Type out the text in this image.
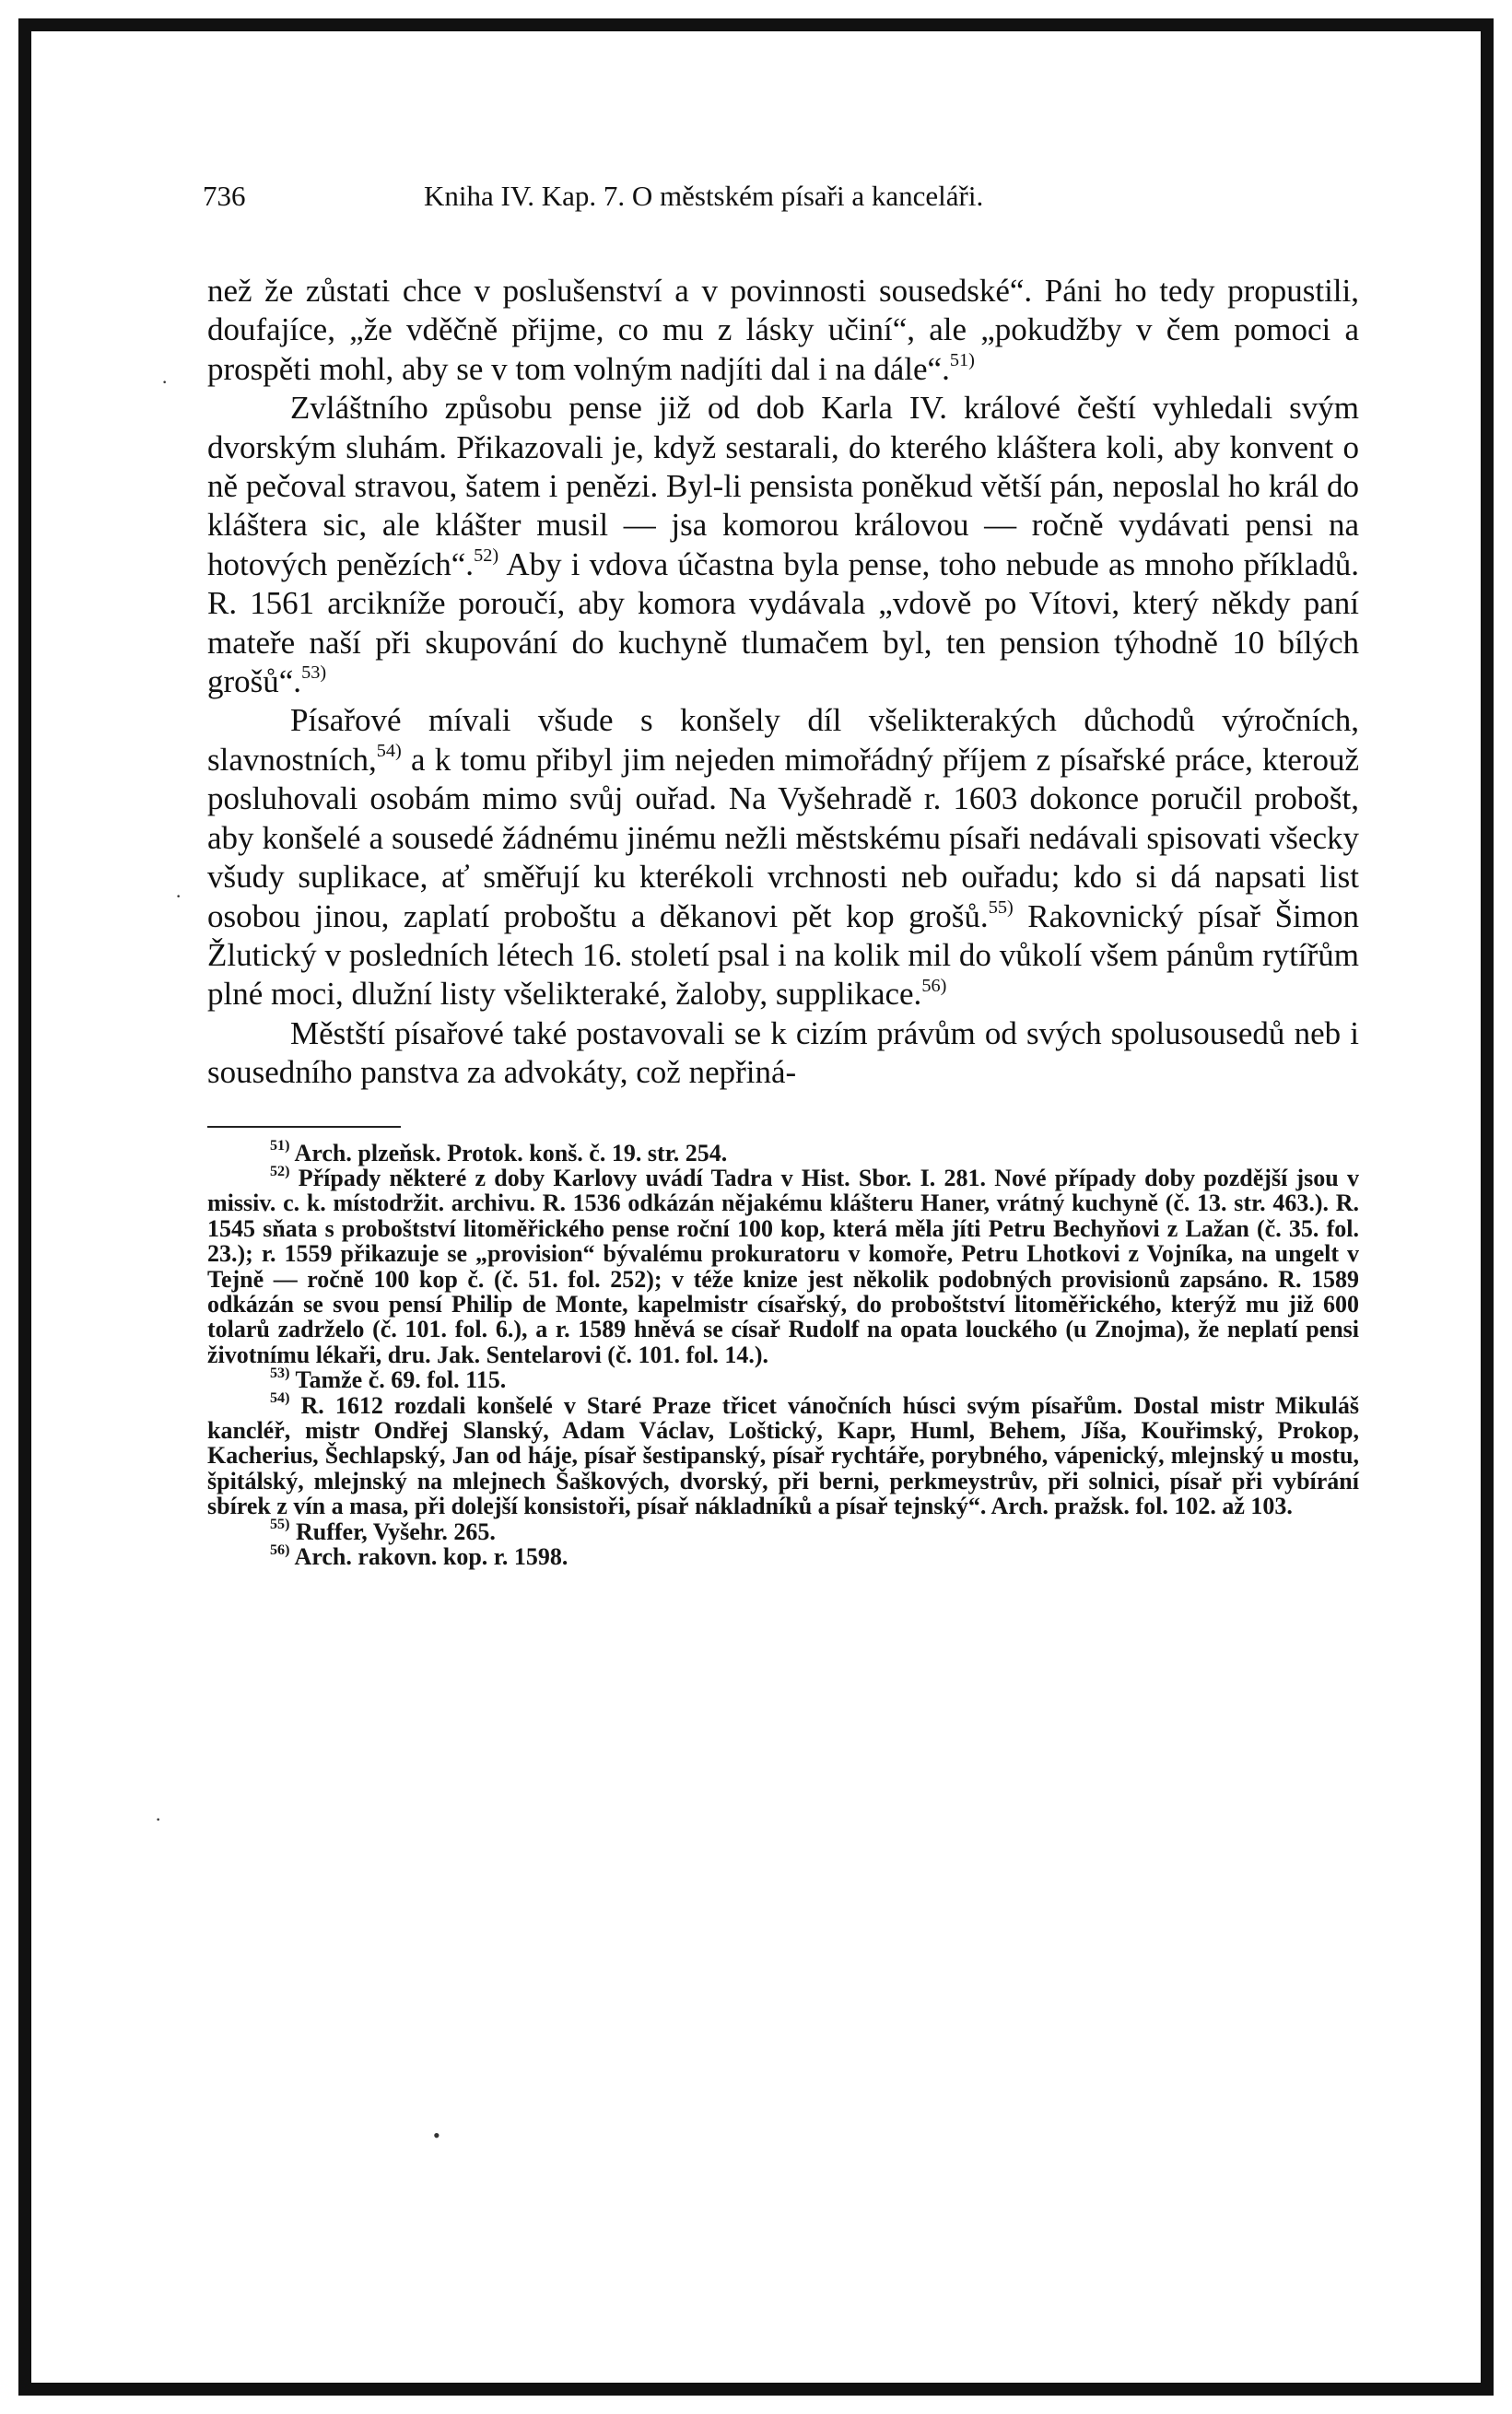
736	Kniha IV. Kap. 7. O městském písaři a kanceláři.

než že zůstati chce v poslušenství a v povinnosti sousedské“. Páni ho tedy propustili, doufajíce, „že vděčně přijme, co mu z lásky učiní“, ale „pokudžby v čem pomoci a prospěti mohl, aby se v tom volným nadjíti dal i na dále“.$^{51)}$

Zvláštního způsobu pense již od dob Karla IV. králové čeští vyhledali svým dvorským sluhám. Přikazovali je, když sestarali, do kterého kláštera koli, aby konvent o ně pečoval stravou, šatem i penězi. Byl-li pensista poněkud větší pán, neposlal ho král do kláštera sic, ale klášter musil — jsa komorou královou — ročně vydávati pensi na hotových penězích“.$^{52)}$ Aby i vdova účastna byla pense, toho nebude as mnoho příkladů. R. 1561 arcikníže poroučí, aby komora vydávala „vdově po Vítovi, který někdy paní mateře naší při skupování do kuchyně tlumačem byl, ten pension týhodně 10 bílých grošů“.$^{53)}$

Písařové mívali všude s konšely díl všelikterakých důchodů výročních, slavnostních,$^{54)}$ a k tomu přibyl jim nejeden mimořádný příjem z písařské práce, kterouž posluhovali osobám mimo svůj ouřad. Na Vyšehradě r. 1603 dokonce poručil probošt, aby konšelé a sousedé žádnému jinému nežli městskému písaři nedávali spisovati všecky všudy suplikace, ať směřují ku kterékoli vrchnosti neb ouřadu; kdo si dá napsati list osobou jinou, zaplatí proboštu a děkanovi pět kop grošů.$^{55)}$ Rakovnický písař Šimon Žlutický v posledních létech 16. století psal i na kolik mil do vůkolí všem pánům rytířům plné moci, dlužní listy všelikteraké, žaloby, supplikace.$^{56)}$

Městští písařové také postavovali se k cizím právům od svých spolusousedů neb i sousedního panstva za advokáty, což nepřiná-

$^{51)}$ Arch. plzeňsk. Protok. konš. č. 19. str. 254.

$^{52)}$ Případy některé z doby Karlovy uvádí Tadra v Hist. Sbor. I. 281. Nové případy doby pozdější jsou v missiv. c. k. místodržit. archivu. R. 1536 odkázán nějakému klášteru Haner, vrátný kuchyně (č. 13. str. 463.). R. 1545 sňata s proboštství litoměřického pense roční 100 kop, která měla jíti Petru Bechyňovi z Lažan (č. 35. fol. 23.); r. 1559 přikazuje se „provision“ bývalému prokuratoru v komoře, Petru Lhotkovi z Vojníka, na ungelt v Tejně — ročně 100 kop č. (č. 51. fol. 252); v téže knize jest několik podobných provisionů zapsáno. R. 1589 odkázán se svou pensí Philip de Monte, kapelmistr císařský, do proboštství litoměřického, kterýž mu již 600 tolarů zadrželo (č. 101. fol. 6.), a r. 1589 hněvá se císař Rudolf na opata louckého (u Znojma), že neplatí pensi životnímu lékaři, dru. Jak. Sentelarovi (č. 101. fol. 14.).

$^{53)}$ Tamže č. 69. fol. 115.

$^{54)}$ R. 1612 rozdali konšelé v Staré Praze třicet vánočních húsci svým písařům. Dostal mistr Mikuláš kancléř, mistr Ondřej Slanský, Adam Václav, Loštický, Kapr, Huml, Behem, Jíša, Kouřimský, Prokop, Kacherius, Šechlapský, Jan od háje, písař šestipanský, písař rychtáře, porybného, vápenický, mlejnský u mostu, špitálský, mlejnský na mlejnech Šaškových, dvorský, při berni, perkmeystrův, při solnici, písař při vybírání sbírek z vín a masa, při dolejší konsistoři, písař nákladníků a písař tejnský“. Arch. pražsk. fol. 102. až 103.

$^{55)}$ Ruffer, Vyšehr. 265.

$^{56)}$ Arch. rakovn. kop. r. 1598.

·
·
·
•
